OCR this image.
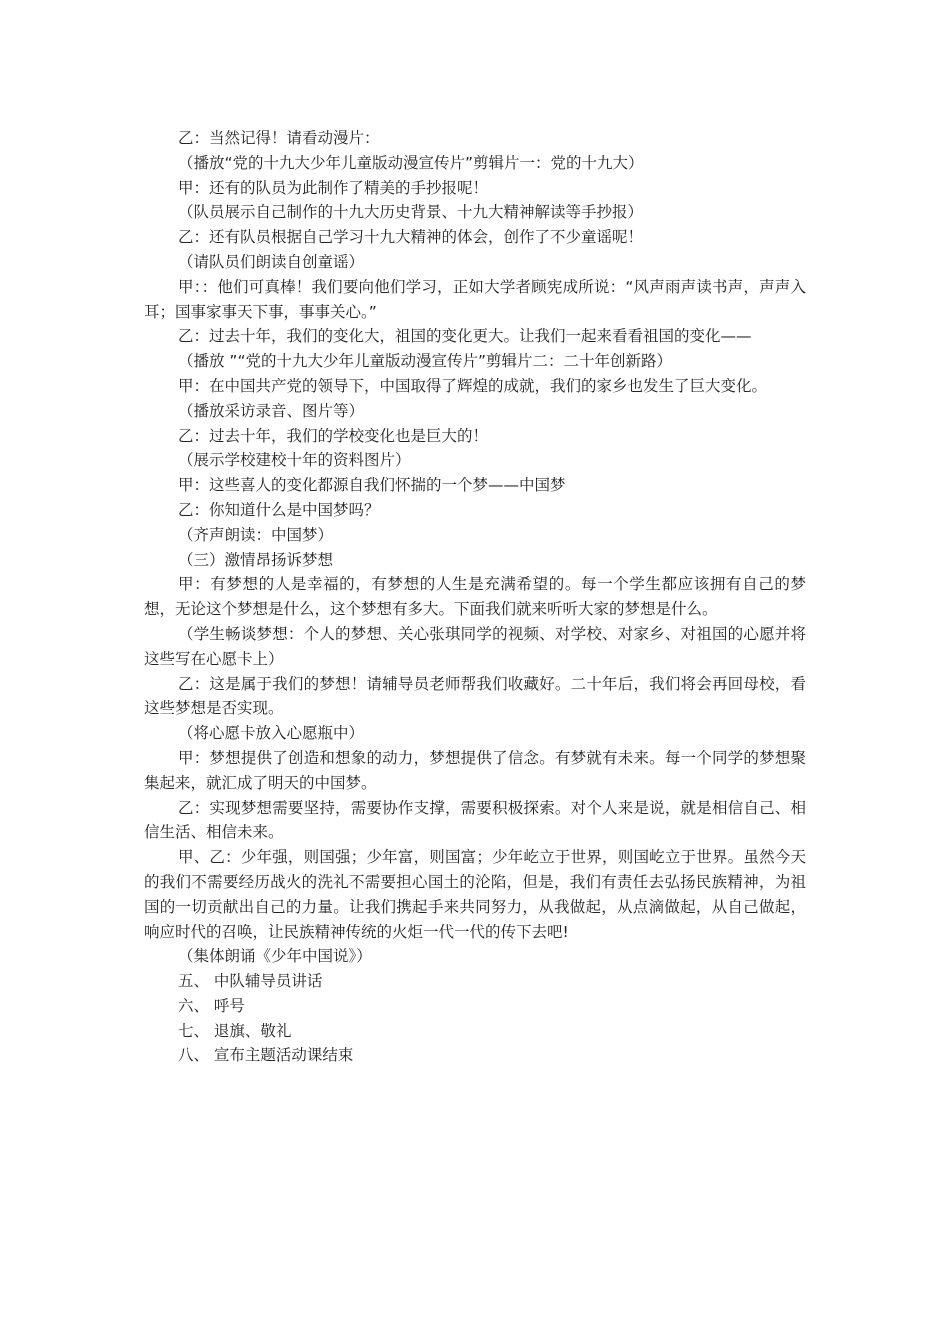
乙：当然记得！请看动漫片：

（播放“党的十九大少年儿童版动漫宣传片”剪辑片一：党的十九大）

甲：还有的队员为此制作了精美的手抄报呢！

（队员展示自己制作的十九大历史背景、十九大精神解读等手抄报）

乙：还有队员根据自己学习十九大精神的体会，创作了不少童谣呢！

（请队员们朗读自创童谣）

甲：：他们可真棒！我们要向他们学习，正如大学者顾宪成所说：“风声雨声读书声，声声入耳；国事家事天下事，事事关心。”

乙：过去十年，我们的变化大，祖国的变化更大。让我们一起来看看祖国的变化——

（播放 ”“党的十九大少年儿童版动漫宣传片”剪辑片二：二十年创新路）

甲：在中国共产党的领导下，中国取得了辉煌的成就，我们的家乡也发生了巨大变化。

（播放采访录音、图片等）

乙：过去十年，我们的学校变化也是巨大的！

（展示学校建校十年的资料图片）

甲：这些喜人的变化都源自我们怀揣的一个梦——中国梦

乙：你知道什么是中国梦吗？

（齐声朗读：中国梦）

（三）激情昂扬诉梦想

甲：有梦想的人是幸福的，有梦想的人生是充满希望的。每一个学生都应该拥有自己的梦想，无论这个梦想是什么，这个梦想有多大。下面我们就来听听大家的梦想是什么。

（学生畅谈梦想：个人的梦想、关心张琪同学的视频、对学校、对家乡、对祖国的心愿并将这些写在心愿卡上）

乙：这是属于我们的梦想！请辅导员老师帮我们收藏好。二十年后，我们将会再回母校，看这些梦想是否实现。

（将心愿卡放入心愿瓶中）

甲：梦想提供了创造和想象的动力，梦想提供了信念。有梦就有未来。每一个同学的梦想聚集起来，就汇成了明天的中国梦。

乙：实现梦想需要坚持，需要协作支撑，需要积极探索。对个人来是说，就是相信自己、相信生活、相信未来。

甲、乙：少年强，则国强；少年富，则国富；少年屹立于世界，则国屹立于世界。虽然今天的我们不需要经历战火的洗礼不需要担心国土的沦陷，但是，我们有责任去弘扬民族精神，为祖国的一切贡献出自己的力量。让我们携起手来共同努力，从我做起，从点滴做起，从自己做起，响应时代的召唤，让民族精神传统的火炬一代一代的传下去吧!

（集体朗诵《少年中国说》）

五、 中队辅导员讲话

六、 呼号

七、 退旗、敬礼

八、 宣布主题活动课结束
